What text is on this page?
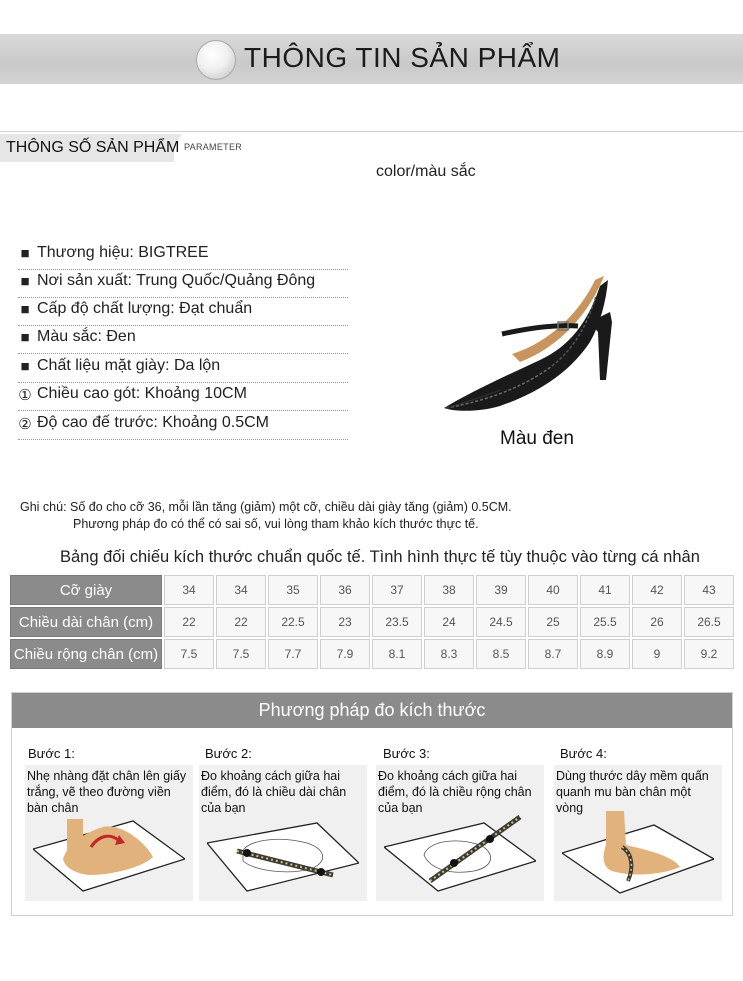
THÔNG TIN SẢN PHẨM
THÔNG SỐ SẢN PHẨM PARAMETER
color/màu sắc
■ Thương hiệu: BIGTREE
■ Nơi sản xuất: Trung Quốc/Quảng Đông
■ Cấp độ chất lượng: Đạt chuẩn
■ Màu sắc: Đen
■ Chất liệu mặt giày: Da lộn
① Chiều cao gót: Khoảng 10CM
② Độ cao đế trước: Khoảng 0.5CM
Màu đen
Ghi chú: Số đo cho cỡ 36, mỗi lần tăng (giảm) một cỡ, chiều dài giày tăng (giảm) 0.5CM.
Phương pháp đo có thể có sai số, vui lòng tham khảo kích thước thực tế.
Bảng đối chiếu kích thước chuẩn quốc tế. Tình hình thực tế tùy thuộc vào từng cá nhân
Cỡ giày	34	34	35	36	37	38	39	40	41	42	43
Chiều dài chân (cm)	22	22	22.5	23	23.5	24	24.5	25	25.5	26	26.5
Chiều rộng chân (cm)	7.5	7.5	7.7	7.9	8.1	8.3	8.5	8.7	8.9	9	9.2
Phương pháp đo kích thước
Bước 1:
Nhẹ nhàng đặt chân lên giấy trắng, vẽ theo đường viền bàn chân
Bước 2:
Đo khoảng cách giữa hai điểm, đó là chiều dài chân của bạn
Bước 3:
Đo khoảng cách giữa hai điểm, đó là chiều rộng chân của bạn
Bước 4:
Dùng thước dây mềm quấn quanh mu bàn chân một vòng
